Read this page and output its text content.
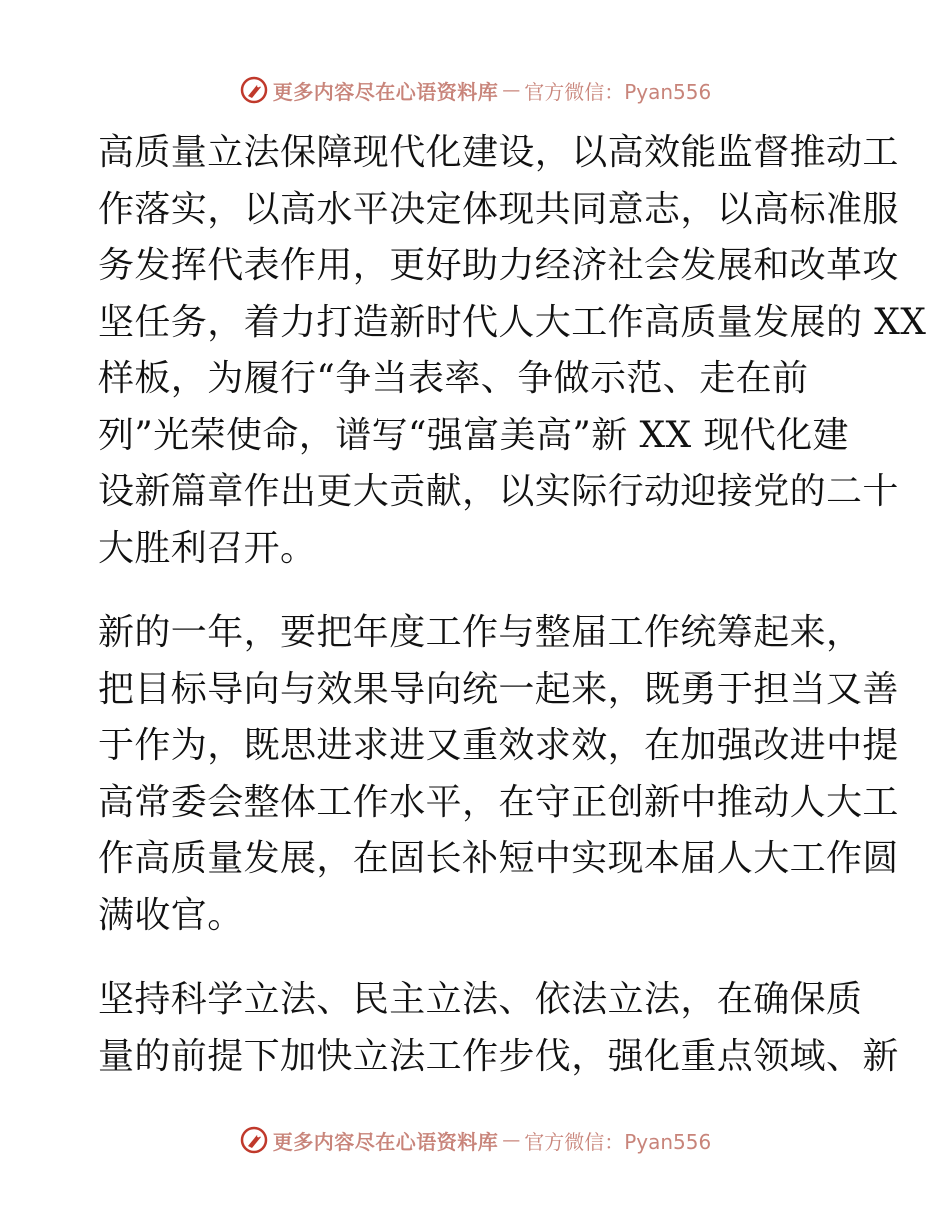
更多内容尽在心语资料库 — 官方微信：Pyan556
高质量立法保障现代化建设，以高效能监督推动工
作落实，以高水平决定体现共同意志，以高标准服
务发挥代表作用，更好助力经济社会发展和改革攻
坚任务，着力打造新时代人大工作高质量发展的 XX
样板，为履行“争当表率、争做示范、走在前
列”光荣使命，谱写“强富美高”新 XX 现代化建
设新篇章作出更大贡献，以实际行动迎接党的二十
大胜利召开。
新的一年，要把年度工作与整届工作统筹起来，
把目标导向与效果导向统一起来，既勇于担当又善
于作为，既思进求进又重效求效，在加强改进中提
高常委会整体工作水平，在守正创新中推动人大工
作高质量发展，在固长补短中实现本届人大工作圆
满收官。
坚持科学立法、民主立法、依法立法，在确保质
量的前提下加快立法工作步伐，强化重点领域、新
更多内容尽在心语资料库 — 官方微信：Pyan556
